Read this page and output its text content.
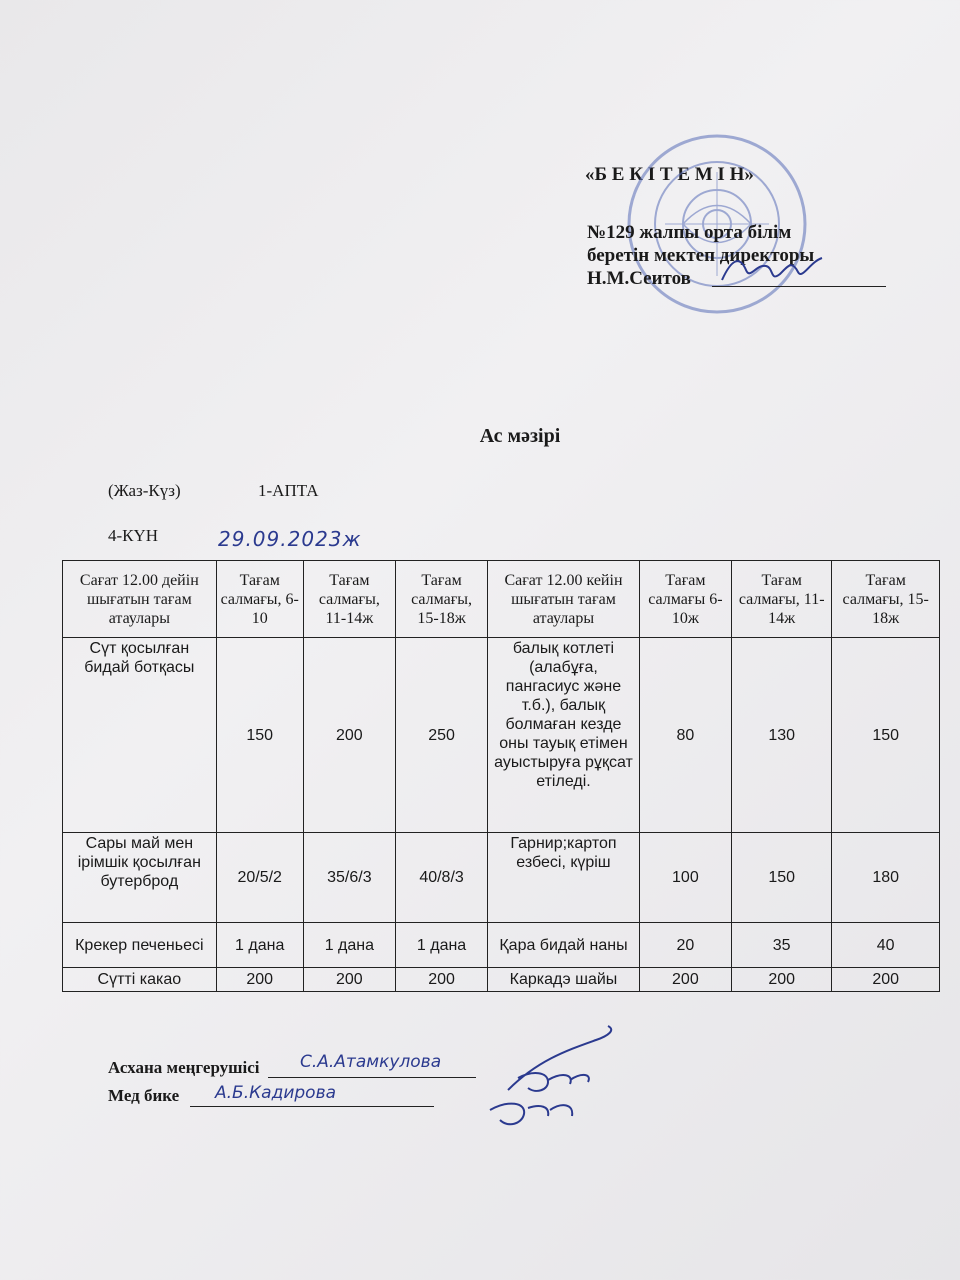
«Б Е К І Т Е М І Н»
№129 жалпы орта білім
беретін мектеп директоры
Н.М.Сеитов
Ас мәзірі
(Жаз-Күз)	1-АПТА
4-КҮН	29.09.2023ж
Сағат 12.00 дейін шығатын тағам атаулары	Тағам салмағы, 6-10	Тағам салмағы, 11-14ж	Тағам салмағы, 15-18ж	Сағат 12.00 кейін шығатын тағам атаулары	Тағам салмағы 6-10ж	Тағам салмағы, 11-14ж	Тағам салмағы, 15-18ж
Сүт қосылған бидай ботқасы	150	200	250	балық котлеті (алабұға, пангасиус және т.б.), балық болмаған кезде оны тауық етімен ауыстыруға рұқсат етіледі.	80	130	150
Сары май мен ірімшік қосылған бутерброд	20/5/2	35/6/3	40/8/3	Гарнир;картоп езбесі, күріш	100	150	180
Крекер печеньесі	1 дана	1 дана	1 дана	Қара бидай наны	20	35	40
Сүтті какао	200	200	200	Каркадэ шайы	200	200	200
Асхана меңгерушісі С.А.Атамкулова
Мед бике А.Б.Кадирова
